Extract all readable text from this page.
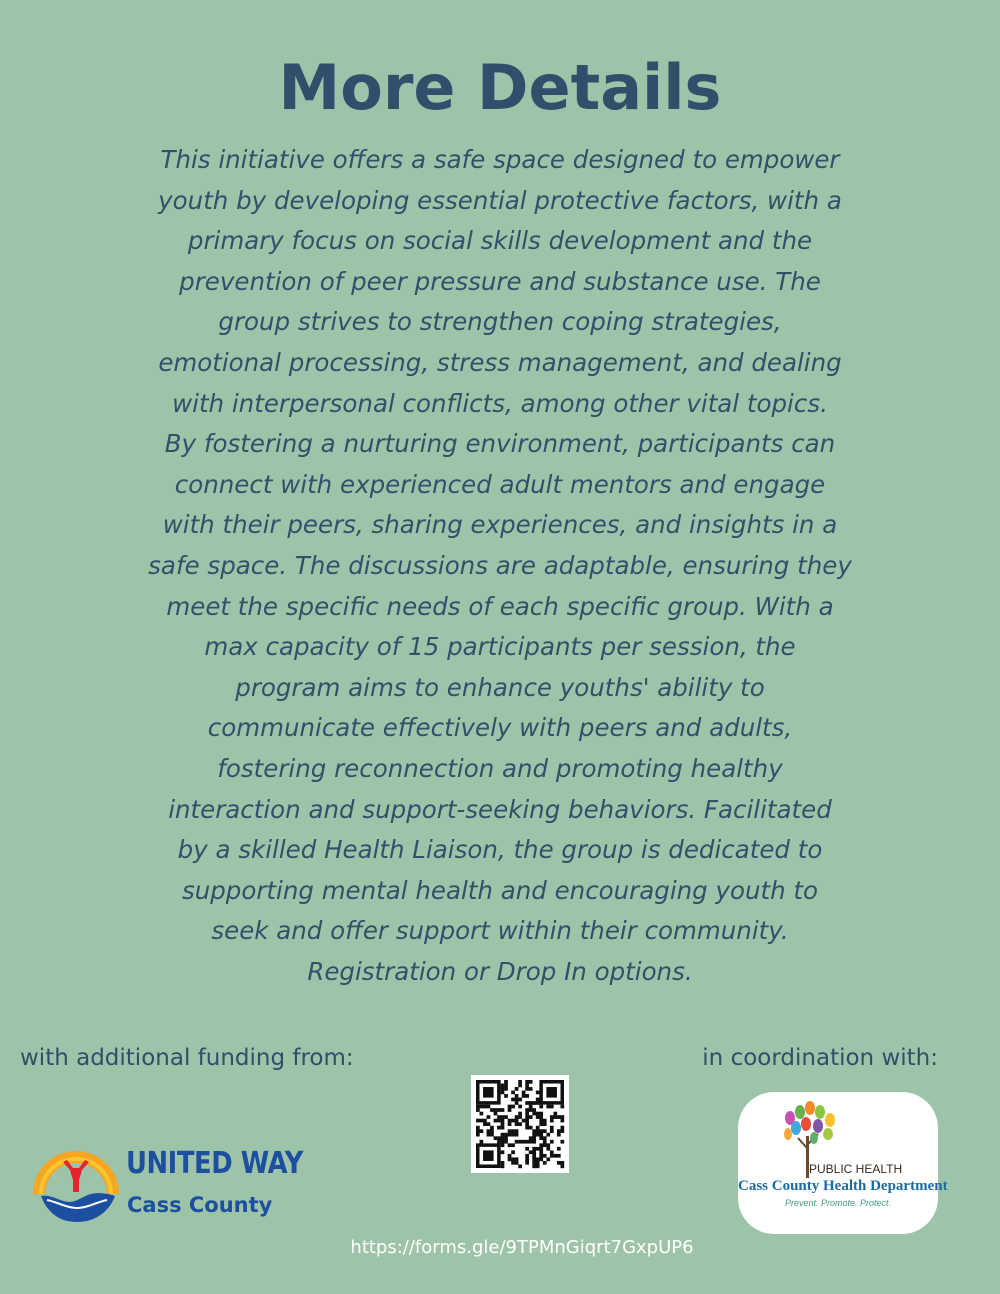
More Details
This initiative offers a safe space designed to empower
youth by developing essential protective factors, with a
primary focus on social skills development and the
prevention of peer pressure and substance use. The
group strives to strengthen coping strategies,
emotional processing, stress management, and dealing
with interpersonal conflicts, among other vital topics.
By fostering a nurturing environment, participants can
connect with experienced adult mentors and engage
with their peers, sharing experiences, and insights in a
safe space. The discussions are adaptable, ensuring they
meet the specific needs of each specific group. With a
max capacity of 15 participants per session, the
program aims to enhance youths' ability to
communicate effectively with peers and adults,
fostering reconnection and promoting healthy
interaction and support-seeking behaviors. Facilitated
by a skilled Health Liaison, the group is dedicated to
supporting mental health and encouraging youth to
seek and offer support within their community.
Registration or Drop In options.
with additional funding from:	in coordination with:
UNITED WAY
Cass County
PUBLIC HEALTH
Cass County Health Department
Prevent. Promote. Protect.
https://forms.gle/9TPMnGiqrt7GxpUP6
